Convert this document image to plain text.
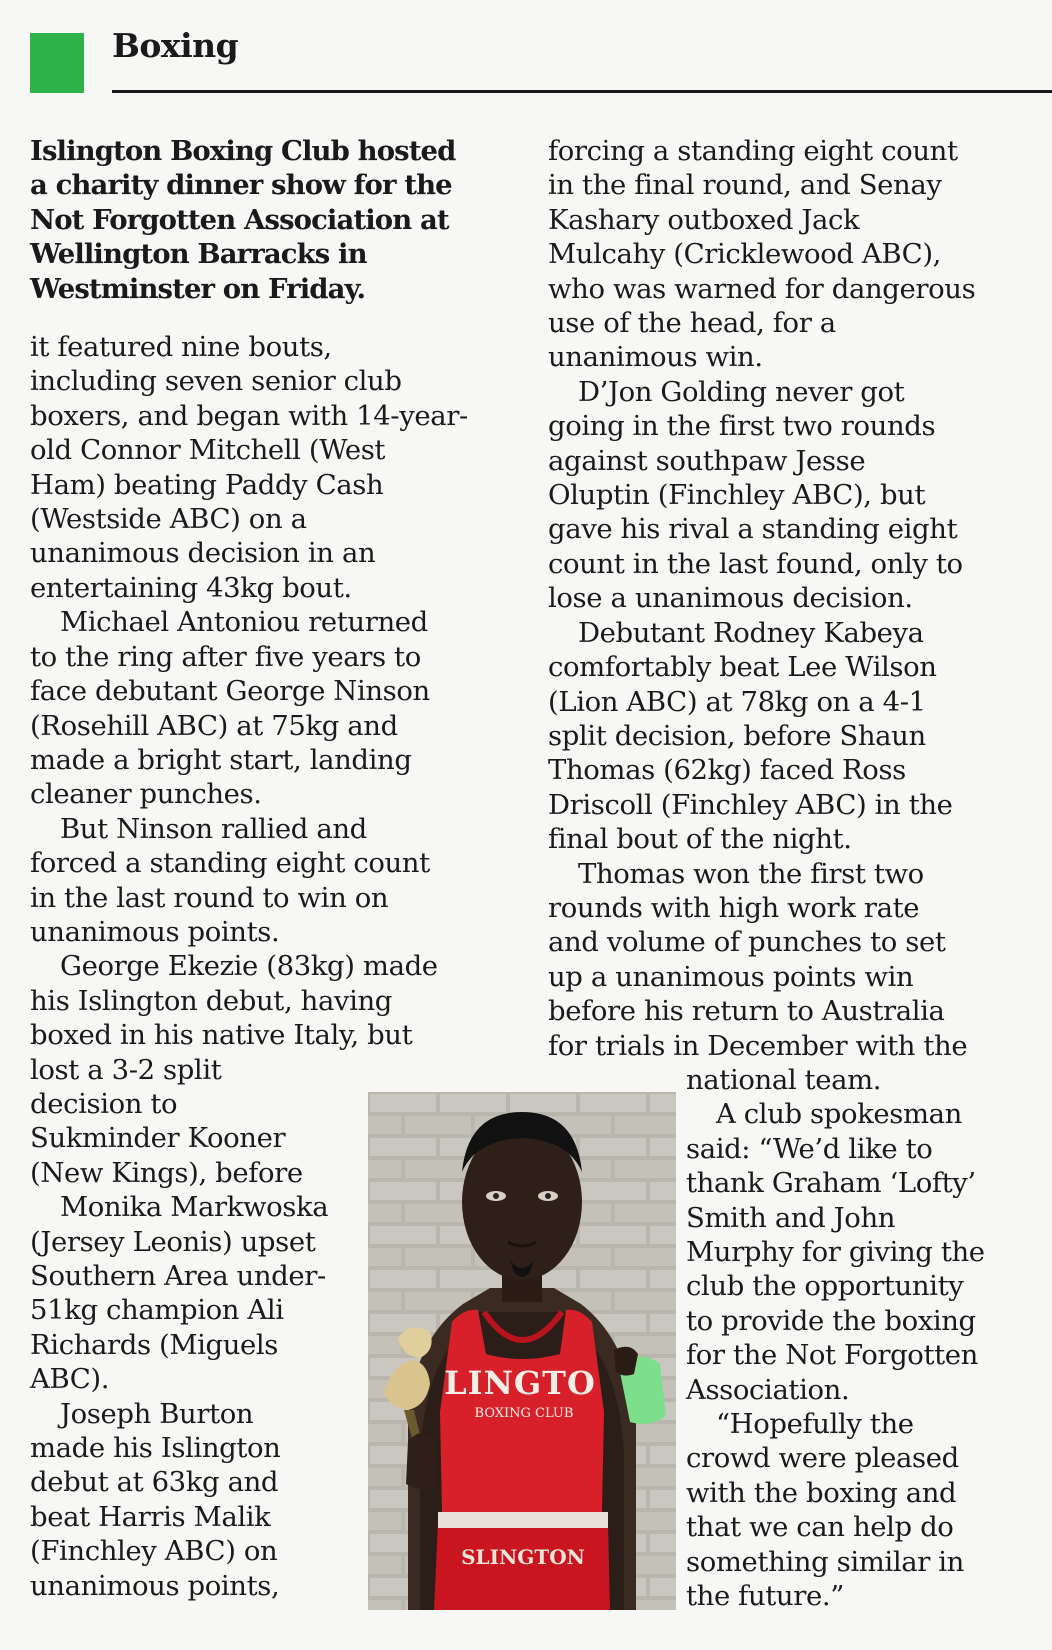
Boxing
Islington Boxing Club hosted
a charity dinner show for the
Not Forgotten Association at
Wellington Barracks in
Westminster on Friday.

it featured nine bouts,
including seven senior club
boxers, and began with 14-year-
old Connor Mitchell (West
Ham) beating Paddy Cash
(Westside ABC) on a
unanimous decision in an
entertaining 43kg bout.

Michael Antoniou returned
to the ring after five years to
face debutant George Ninson
(Rosehill ABC) at 75kg and
made a bright start, landing
cleaner punches.

But Ninson rallied and
forced a standing eight count
in the last round to win on
unanimous points.

George Ekezie (83kg) made
his Islington debut, having
boxed in his native Italy, but
lost a 3-2 split
decision to
Sukminder Kooner
(New Kings), before

Monika Markwoska
(Jersey Leonis) upset
Southern Area under-
51kg champion Ali
Richards (Miguels
ABC).

Joseph Burton
made his Islington
debut at 63kg and
beat Harris Malik
(Finchley ABC) on
unanimous points,

forcing a standing eight count
in the final round, and Senay
Kashary outboxed Jack
Mulcahy (Cricklewood ABC),
who was warned for dangerous
use of the head, for a
unanimous win.

D’Jon Golding never got
going in the first two rounds
against southpaw Jesse
Oluptin (Finchley ABC), but
gave his rival a standing eight
count in the last found, only to
lose a unanimous decision.

Debutant Rodney Kabeya
comfortably beat Lee Wilson
(Lion ABC) at 78kg on a 4-1
split decision, before Shaun
Thomas (62kg) faced Ross
Driscoll (Finchley ABC) in the
final bout of the night.

Thomas won the first two
rounds with high work rate
and volume of punches to set
up a unanimous points win
before his return to Australia
for trials in December with the
national team.

A club spokesman
said: “We’d like to
thank Graham ‘Lofty’
Smith and John
Murphy for giving the
club the opportunity
to provide the boxing
for the Not Forgotten
Association.

“Hopefully the
crowd were pleased
with the boxing and
that we can help do
something similar in
the future.”

LINGTO
BOXING CLUB
SLINGTON
